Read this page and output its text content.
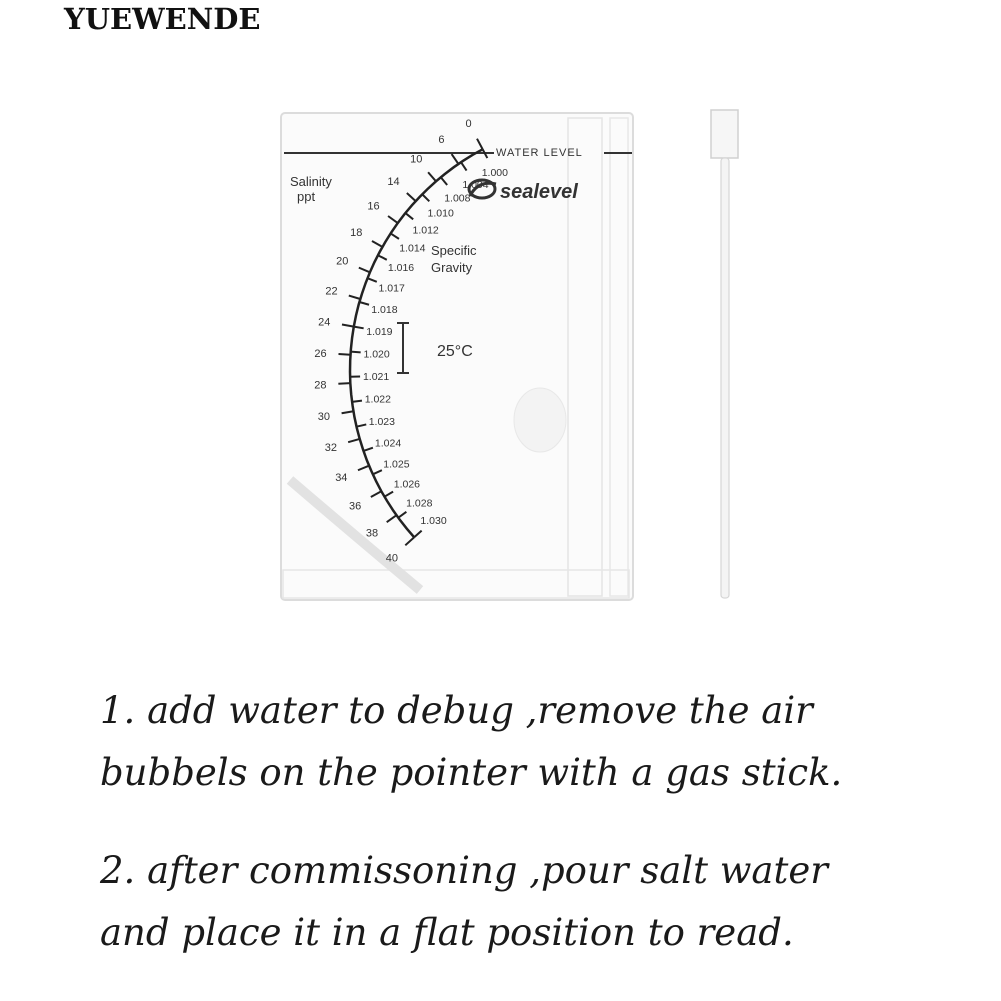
YUEWENDE
WATER LEVEL
sealevel
Salinity
ppt
Specific
Gravity
25°C
40
38
36
34
32
30
28
26
24
22
20
18
16
14
10
6
0
1.030
1.028
1.026
1.025
1.024
1.023
1.022
1.021
1.020
1.019
1.018
1.017
1.016
1.014
1.012
1.010
1.008
1.004
1.000

1. add water to debug ,remove the air
bubbels on the pointer with a gas stick.

2. after commissoning ,pour salt water
and place it in a flat position to read.
